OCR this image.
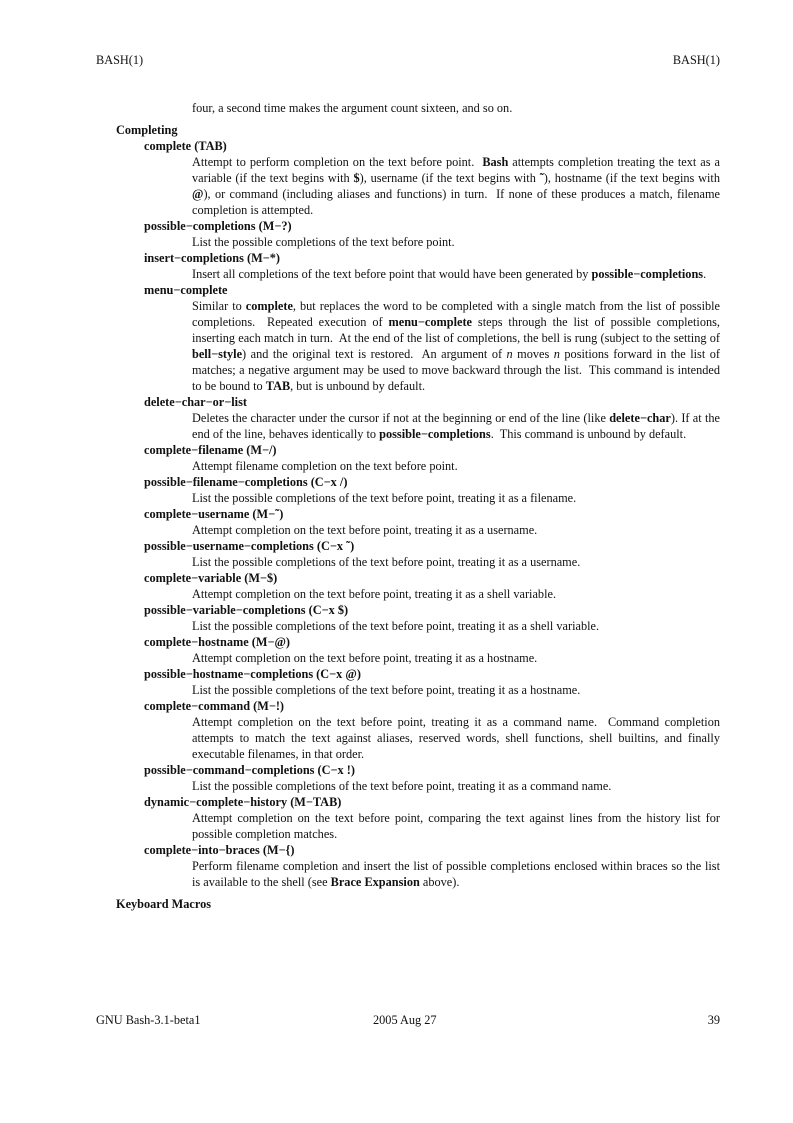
BASH(1)	BASH(1)
four, a second time makes the argument count sixteen, and so on.
Completing
complete (TAB)
Attempt to perform completion on the text before point.  Bash attempts completion treating the text as a variable (if the text begins with $), username (if the text begins with ˜), hostname (if the text begins with @), or command (including aliases and functions) in turn.  If none of these produces a match, filename completion is attempted.
possible−completions (M−?)
List the possible completions of the text before point.
insert−completions (M−*)
Insert all completions of the text before point that would have been generated by possible−completions.
menu−complete
Similar to complete, but replaces the word to be completed with a single match from the list of possible completions.  Repeated execution of menu−complete steps through the list of possible completions, inserting each match in turn.  At the end of the list of completions, the bell is rung (subject to the setting of bell−style) and the original text is restored.  An argument of n moves n positions forward in the list of matches; a negative argument may be used to move backward through the list.  This command is intended to be bound to TAB, but is unbound by default.
delete−char−or−list
Deletes the character under the cursor if not at the beginning or end of the line (like delete−char). If at the end of the line, behaves identically to possible−completions.  This command is unbound by default.
complete−filename (M−/)
Attempt filename completion on the text before point.
possible−filename−completions (C−x /)
List the possible completions of the text before point, treating it as a filename.
complete−username (M−˜)
Attempt completion on the text before point, treating it as a username.
possible−username−completions (C−x ˜)
List the possible completions of the text before point, treating it as a username.
complete−variable (M−$)
Attempt completion on the text before point, treating it as a shell variable.
possible−variable−completions (C−x $)
List the possible completions of the text before point, treating it as a shell variable.
complete−hostname (M−@)
Attempt completion on the text before point, treating it as a hostname.
possible−hostname−completions (C−x @)
List the possible completions of the text before point, treating it as a hostname.
complete−command (M−!)
Attempt completion on the text before point, treating it as a command name.  Command completion attempts to match the text against aliases, reserved words, shell functions, shell builtins, and finally executable filenames, in that order.
possible−command−completions (C−x !)
List the possible completions of the text before point, treating it as a command name.
dynamic−complete−history (M−TAB)
Attempt completion on the text before point, comparing the text against lines from the history list for possible completion matches.
complete−into−braces (M−{)
Perform filename completion and insert the list of possible completions enclosed within braces so the list is available to the shell (see Brace Expansion above).
Keyboard Macros
GNU Bash-3.1-beta1	2005 Aug 27	39
